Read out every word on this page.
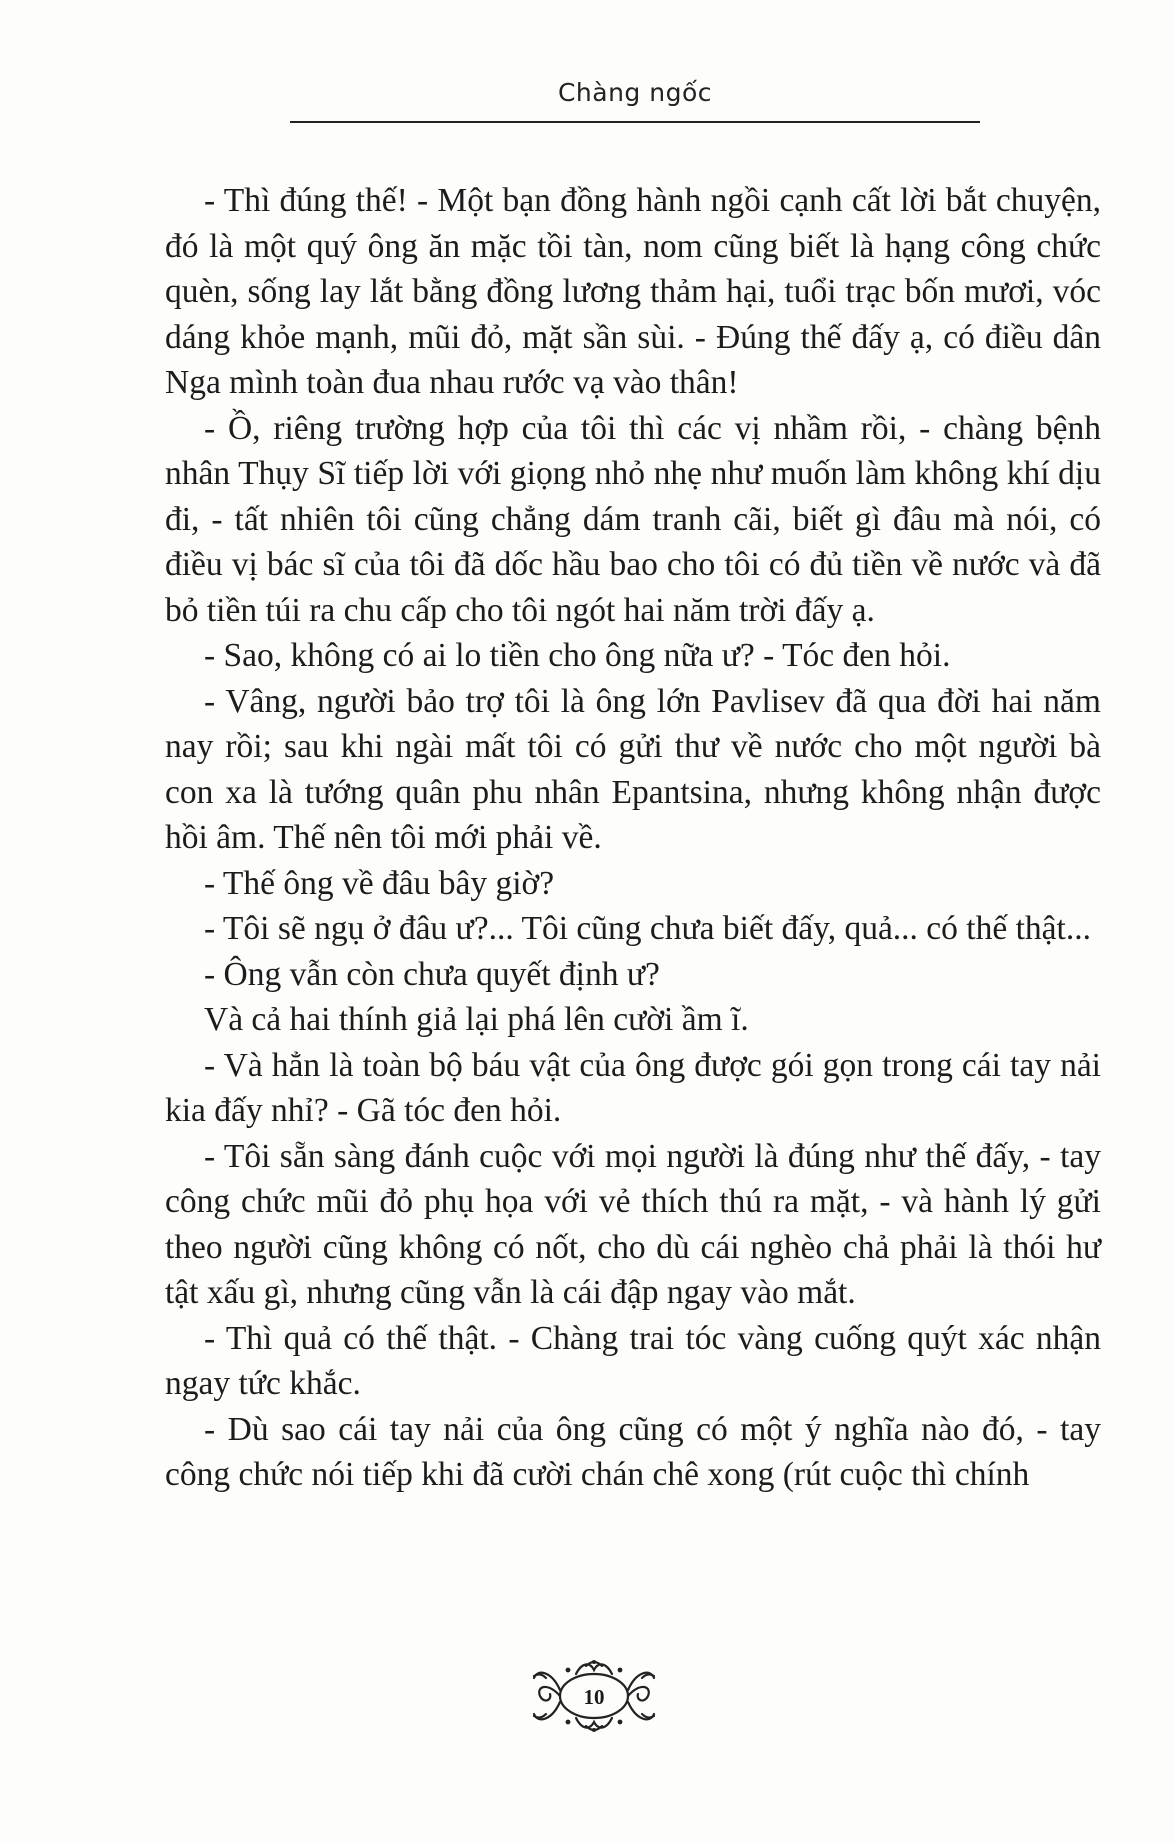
Chàng ngốc

- Thì đúng thế! - Một bạn đồng hành ngồi cạnh cất lời bắt chuyện, đó là một quý ông ăn mặc tồi tàn, nom cũng biết là hạng công chức quèn, sống lay lắt bằng đồng lương thảm hại, tuổi trạc bốn mươi, vóc dáng khỏe mạnh, mũi đỏ, mặt sần sùi. - Đúng thế đấy ạ, có điều dân Nga mình toàn đua nhau rước vạ vào thân!

- Ồ, riêng trường hợp của tôi thì các vị nhầm rồi, - chàng bệnh nhân Thụy Sĩ tiếp lời với giọng nhỏ nhẹ như muốn làm không khí dịu đi, - tất nhiên tôi cũng chẳng dám tranh cãi, biết gì đâu mà nói, có điều vị bác sĩ của tôi đã dốc hầu bao cho tôi có đủ tiền về nước và đã bỏ tiền túi ra chu cấp cho tôi ngót hai năm trời đấy ạ.

- Sao, không có ai lo tiền cho ông nữa ư? - Tóc đen hỏi.

- Vâng, người bảo trợ tôi là ông lớn Pavlisev đã qua đời hai năm nay rồi; sau khi ngài mất tôi có gửi thư về nước cho một người bà con xa là tướng quân phu nhân Epantsina, nhưng không nhận được hồi âm. Thế nên tôi mới phải về.

- Thế ông về đâu bây giờ?

- Tôi sẽ ngụ ở đâu ư?... Tôi cũng chưa biết đấy, quả... có thế thật...

- Ông vẫn còn chưa quyết định ư?

Và cả hai thính giả lại phá lên cười ầm ĩ.

- Và hẳn là toàn bộ báu vật của ông được gói gọn trong cái tay nải kia đấy nhỉ? - Gã tóc đen hỏi.

- Tôi sẵn sàng đánh cuộc với mọi người là đúng như thế đấy, - tay công chức mũi đỏ phụ họa với vẻ thích thú ra mặt, - và hành lý gửi theo người cũng không có nốt, cho dù cái nghèo chả phải là thói hư tật xấu gì, nhưng cũng vẫn là cái đập ngay vào mắt.

- Thì quả có thế thật. - Chàng trai tóc vàng cuống quýt xác nhận ngay tức khắc.

- Dù sao cái tay nải của ông cũng có một ý nghĩa nào đó, - tay công chức nói tiếp khi đã cười chán chê xong (rút cuộc thì chính

10
